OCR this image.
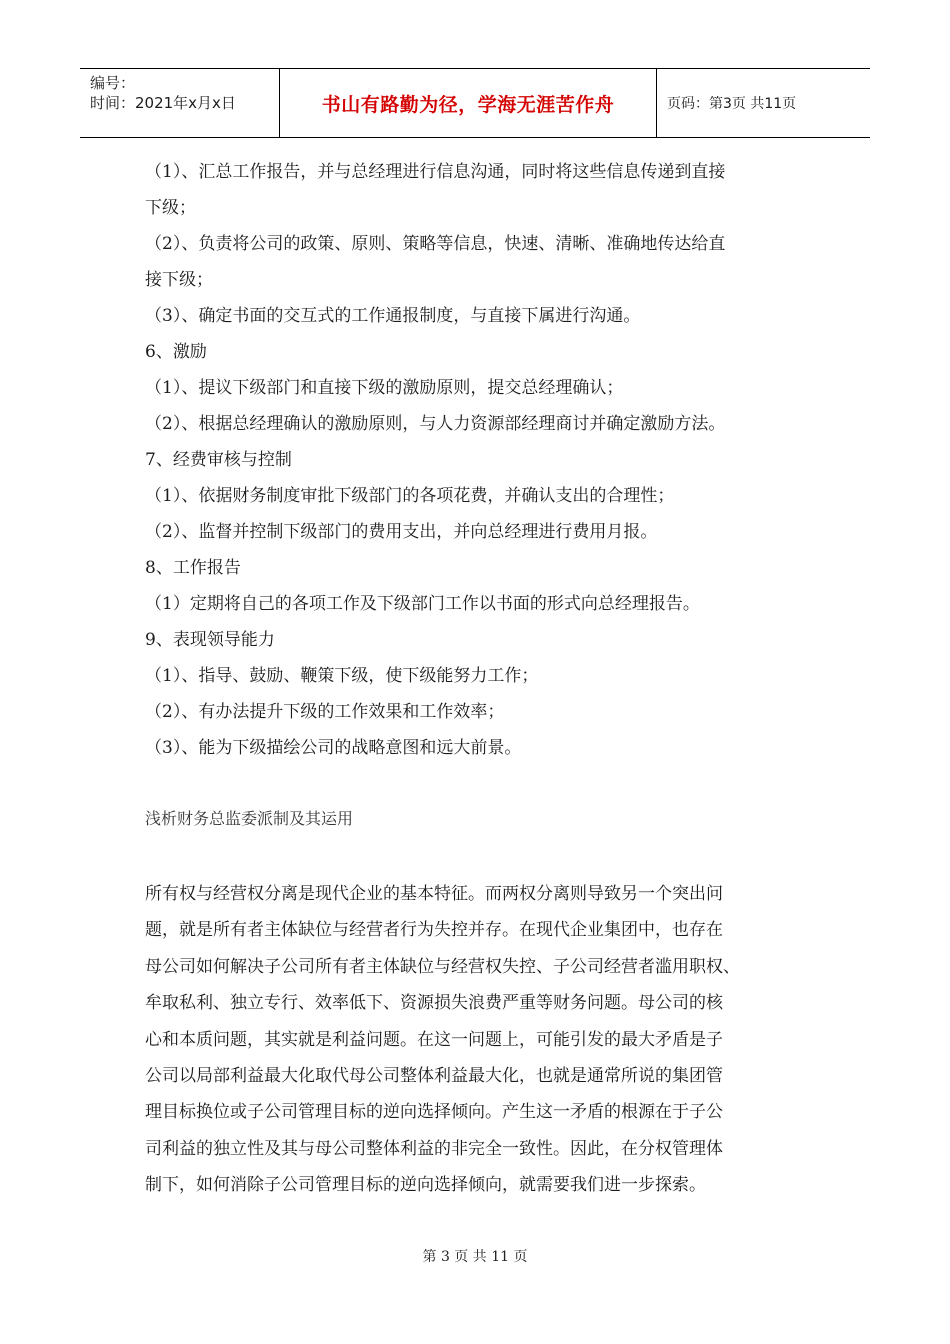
编号：
时间：2021年x月x日	书山有路勤为径，学海无涯苦作舟	页码：第3页 共11页
（1）、汇总工作报告，并与总经理进行信息沟通，同时将这些信息传递到直接
下级；
（2）、负责将公司的政策、原则、策略等信息，快速、清晰、准确地传达给直
接下级；
（3）、确定书面的交互式的工作通报制度，与直接下属进行沟通。
6、激励
（1）、提议下级部门和直接下级的激励原则，提交总经理确认；
（2）、根据总经理确认的激励原则，与人力资源部经理商讨并确定激励方法。
7、经费审核与控制
（1）、依据财务制度审批下级部门的各项花费，并确认支出的合理性；
（2）、监督并控制下级部门的费用支出，并向总经理进行费用月报。
8、工作报告
（1）定期将自己的各项工作及下级部门工作以书面的形式向总经理报告。
9、表现领导能力
（1）、指导、鼓励、鞭策下级，使下级能努力工作；
（2）、有办法提升下级的工作效果和工作效率；
（3）、能为下级描绘公司的战略意图和远大前景。
浅析财务总监委派制及其运用
所有权与经营权分离是现代企业的基本特征。而两权分离则导致另一个突出问
题，就是所有者主体缺位与经营者行为失控并存。在现代企业集团中，也存在
母公司如何解决子公司所有者主体缺位与经营权失控、子公司经营者滥用职权、
牟取私利、独立专行、效率低下、资源损失浪费严重等财务问题。母公司的核
心和本质问题，其实就是利益问题。在这一问题上，可能引发的最大矛盾是子
公司以局部利益最大化取代母公司整体利益最大化，也就是通常所说的集团管
理目标换位或子公司管理目标的逆向选择倾向。产生这一矛盾的根源在于子公
司利益的独立性及其与母公司整体利益的非完全一致性。因此，在分权管理体
制下，如何消除子公司管理目标的逆向选择倾向，就需要我们进一步探索。
第 3 页 共 11 页
